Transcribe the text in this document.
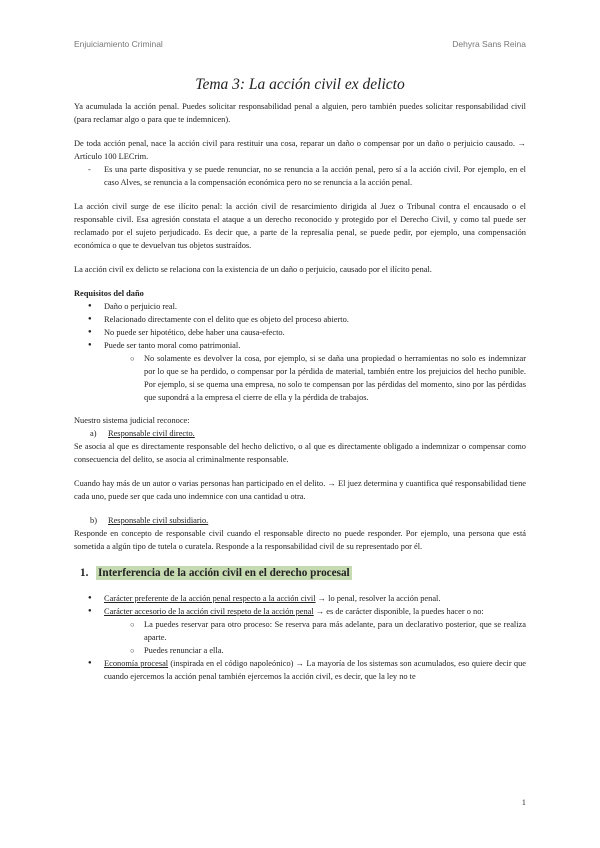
Enjuiciamiento Criminal	Dehyra Sans Reina
Tema 3: La acción civil ex delicto

Ya acumulada la acción penal. Puedes solicitar responsabilidad penal a alguien, pero también puedes solicitar responsabilidad civil (para reclamar algo o para que te indemnicen).

De toda acción penal, nace la acción civil para restituir una cosa, reparar un daño o compensar por un daño o perjuicio causado. → Artículo 100 LECrim.

- Es una parte dispositiva y se puede renunciar, no se renuncia a la acción penal, pero sí a la acción civil. Por ejemplo, en el caso Alves, se renuncia a la compensación económica pero no se renuncia a la acción penal.

La acción civil surge de ese ilícito penal: la acción civil de resarcimiento dirigida al Juez o Tribunal contra el encausado o el responsable civil. Esa agresión constata el ataque a un derecho reconocido y protegido por el Derecho Civil, y como tal puede ser reclamado por el sujeto perjudicado. Es decir que, a parte de la represalia penal, se puede pedir, por ejemplo, una compensación económica o que te devuelvan tus objetos sustraídos.

La acción civil ex delicto se relaciona con la existencia de un daño o perjuicio, causado por el ilícito penal.

Requisitos del daño

● Daño o perjuicio real.
● Relacionado directamente con el delito que es objeto del proceso abierto.
● No puede ser hipotético, debe haber una causa-efecto.
● Puede ser tanto moral como patrimonial.
○ No solamente es devolver la cosa, por ejemplo, si se daña una propiedad o herramientas no solo es indemnizar por lo que se ha perdido, o compensar por la pérdida de material, también entre los prejuicios del hecho punible. Por ejemplo, si se quema una empresa, no solo te compensan por las pérdidas del momento, sino por las pérdidas que supondrá a la empresa el cierre de ella y la pérdida de trabajos.

Nuestro sistema judicial reconoce:

a) Responsable civil directo.

Se asocia al que es directamente responsable del hecho delictivo, o al que es directamente obligado a indemnizar o compensar como consecuencia del delito, se asocia al criminalmente responsable.

Cuando hay más de un autor o varias personas han participado en el delito. → El juez determina y cuantifica qué responsabilidad tiene cada uno, puede ser que cada uno indemnice con una cantidad u otra.

b) Responsable civil subsidiario.

Responde en concepto de responsable civil cuando el responsable directo no puede responder. Por ejemplo, una persona que está sometida a algún tipo de tutela o curatela. Responde a la responsabilidad civil de su representado por él.

1. Interferencia de la acción civil en el derecho procesal
● Carácter preferente de la acción penal respecto a la acción civil → lo penal, resolver la acción penal.
● Carácter accesorio de la acción civil respeto de la acción penal → es de carácter disponible, la puedes hacer o no:
○ La puedes reservar para otro proceso: Se reserva para más adelante, para un declarativo posterior, que se realiza aparte.
○ Puedes renunciar a ella.
● Economía procesal (inspirada en el código napoleónico) → La mayoría de los sistemas son acumulados, eso quiere decir que cuando ejercemos la acción penal también ejercemos la acción civil, es decir, que la ley no te
1
